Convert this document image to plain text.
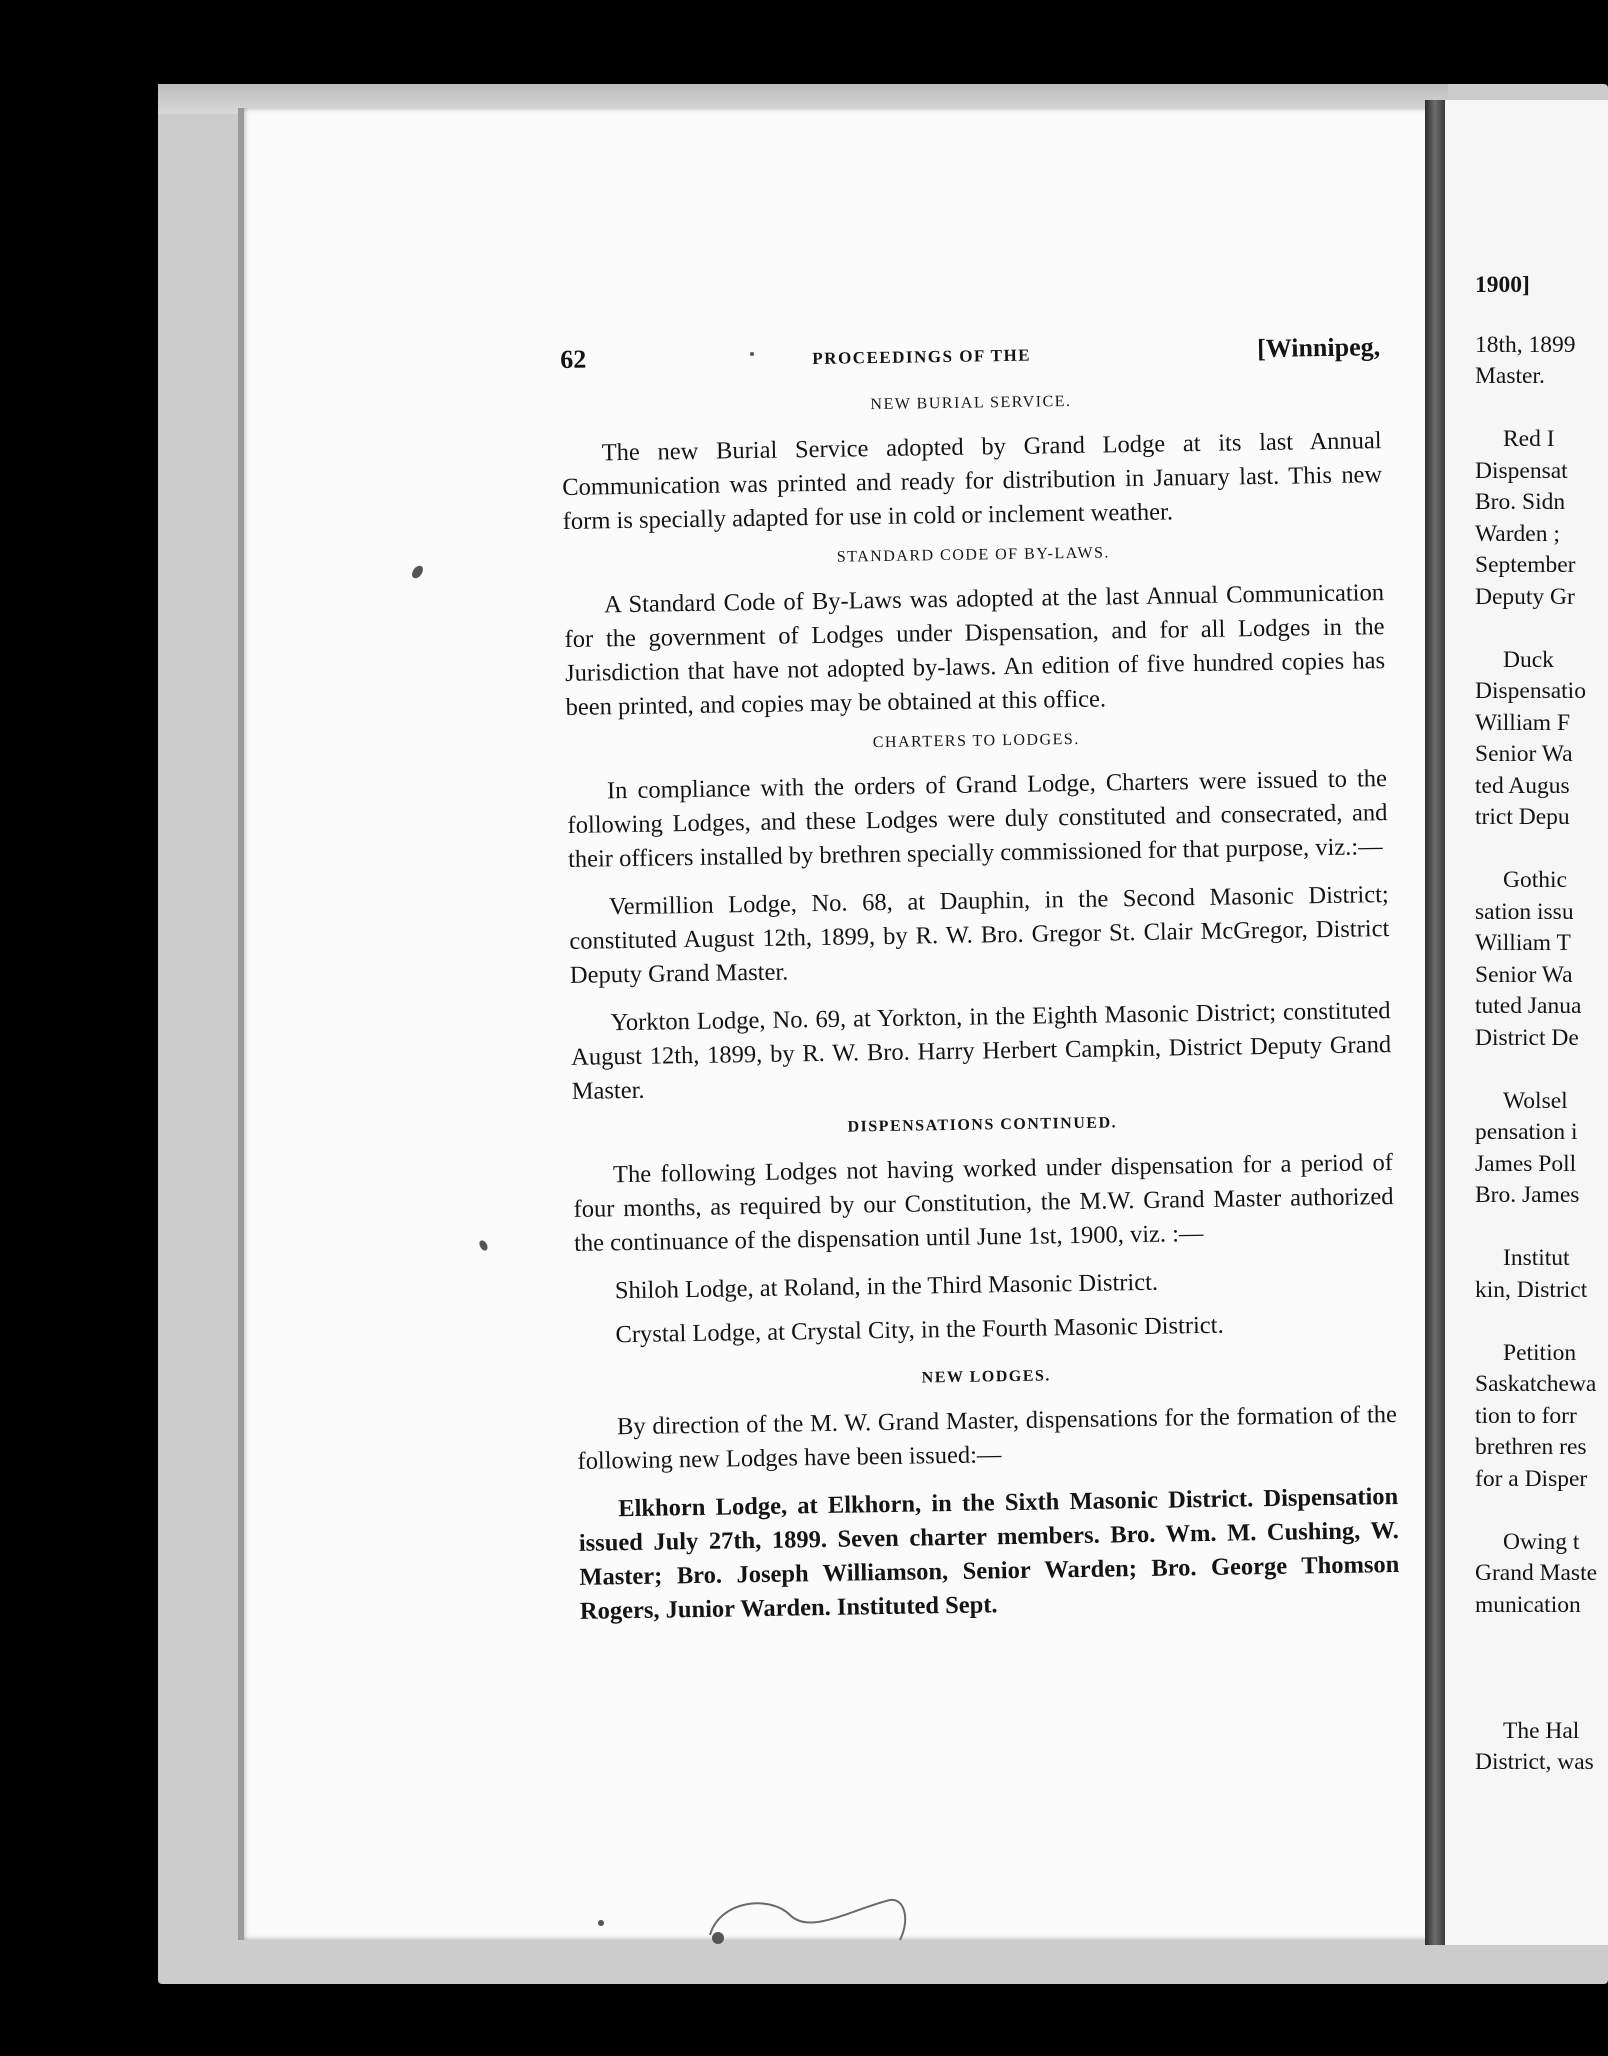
1900]
18th, 1899
Master.
Red I
Dispensat
Bro. Sidn
Warden ;
September
Deputy Gr
Duck
Dispensatio
William F
Senior Wa
ted Augus
trict Depu
Gothic
sation issu
William T
Senior Wa
tuted Janua
District De
Wolsel
pensation i
James Poll
Bro. James
Institut
kin, District
Petition
Saskatchewa
tion to forr
brethren res
for a Disper
Owing t
Grand Maste
munication
The Hal
District, was
62	PROCEEDINGS OF THE	[Winnipeg,
NEW BURIAL SERVICE.

The new Burial Service adopted by Grand Lodge at its last Annual Communication was printed and ready for distribution in January last. This new form is specially adapted for use in cold or inclement weather.

STANDARD CODE OF BY-LAWS.

A Standard Code of By-Laws was adopted at the last Annual Communication for the government of Lodges under Dispensation, and for all Lodges in the Jurisdiction that have not adopted by-laws. An edition of five hundred copies has been printed, and copies may be obtained at this office.

CHARTERS TO LODGES.

In compliance with the orders of Grand Lodge, Charters were issued to the following Lodges, and these Lodges were duly constituted and consecrated, and their officers installed by brethren specially commissioned for that purpose, viz.:—

Vermillion Lodge, No. 68, at Dauphin, in the Second Masonic District; constituted August 12th, 1899, by R. W. Bro. Gregor St. Clair McGregor, District Deputy Grand Master.

Yorkton Lodge, No. 69, at Yorkton, in the Eighth Masonic District; constituted August 12th, 1899, by R. W. Bro. Harry Herbert Campkin, District Deputy Grand Master.

DISPENSATIONS CONTINUED.

The following Lodges not having worked under dispensation for a period of four months, as required by our Constitution, the M.W. Grand Master authorized the continuance of the dispensation until June 1st, 1900, viz. :—

Shiloh Lodge, at Roland, in the Third Masonic District.

Crystal Lodge, at Crystal City, in the Fourth Masonic District.

NEW LODGES.

By direction of the M. W. Grand Master, dispensations for the formation of the following new Lodges have been issued:—

Elkhorn Lodge, at Elkhorn, in the Sixth Masonic District. Dispensation issued July 27th, 1899. Seven charter members. Bro. Wm. M. Cushing, W. Master; Bro. Joseph Williamson, Senior Warden; Bro. George Thomson Rogers, Junior Warden. Instituted Sept.
